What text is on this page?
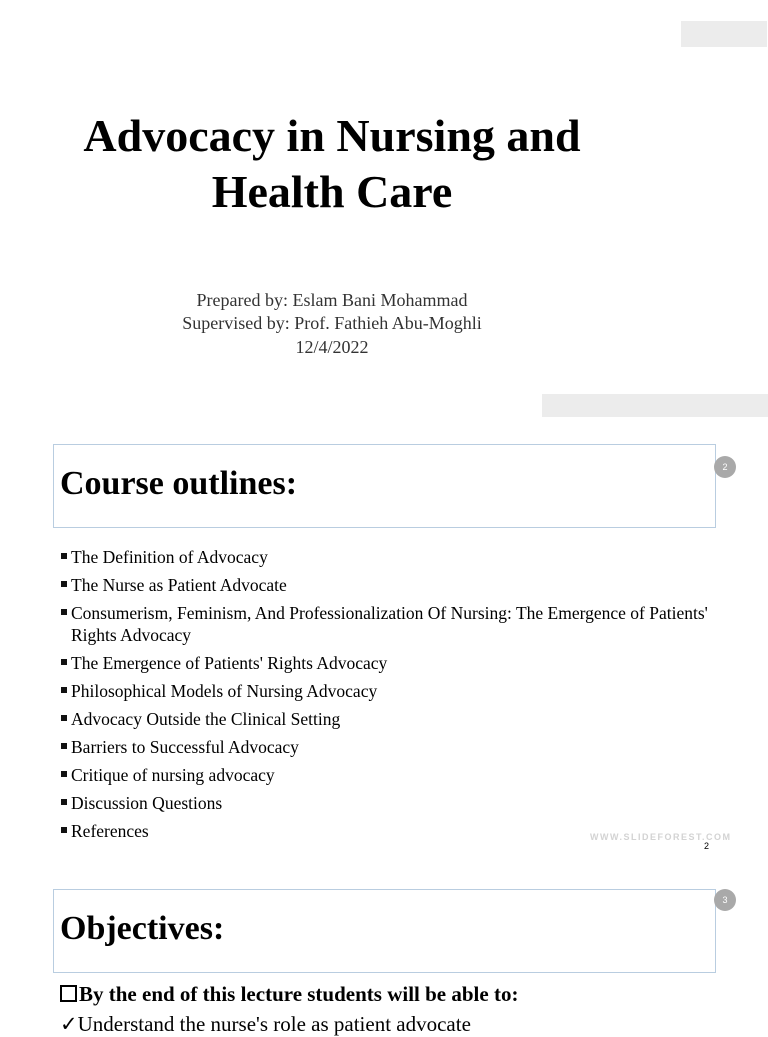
Advocacy in Nursing and
Health Care
Prepared by: Eslam Bani Mohammad
Supervised by: Prof. Fathieh Abu-Moghli
12/4/2022
Course outlines:	2
The Definition of Advocacy
The Nurse as Patient Advocate
Consumerism, Feminism, And Professionalization Of Nursing: The Emergence of Patients' Rights Advocacy
The Emergence of Patients' Rights Advocacy
Philosophical Models of Nursing Advocacy
Advocacy Outside the Clinical Setting
Barriers to Successful Advocacy
Critique of nursing advocacy
Discussion Questions
References	WWW.SLIDEFOREST.COM
2
Objectives:
3
By the end of this lecture students will be able to:
✓Understand the nurse's role as patient advocate
